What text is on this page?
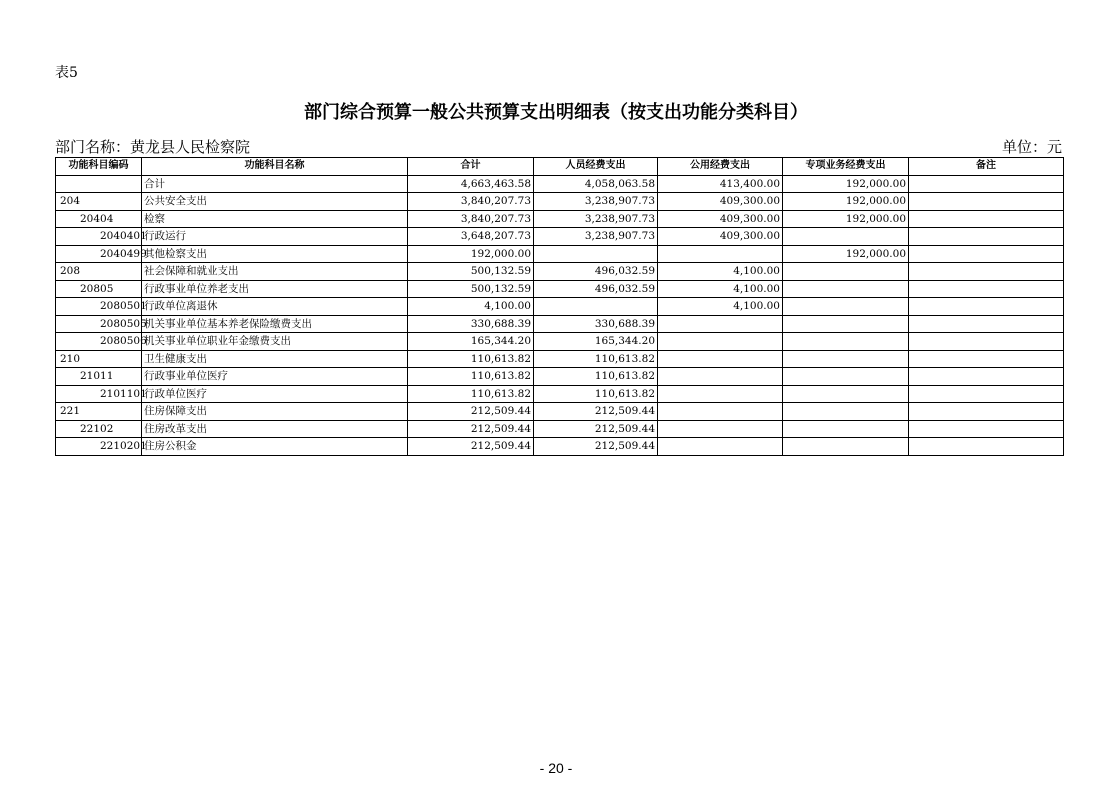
表5
部门综合预算一般公共预算支出明细表（按支出功能分类科目）
部门名称：黄龙县人民检察院	单位：元
功能科目编码	功能科目名称	合计	人员经费支出	公用经费支出	专项业务经费支出	备注
	合计	4,663,463.58	4,058,063.58	413,400.00	192,000.00	
204	公共安全支出	3,840,207.73	3,238,907.73	409,300.00	192,000.00	
20404	检察	3,840,207.73	3,238,907.73	409,300.00	192,000.00	
2040401	行政运行	3,648,207.73	3,238,907.73	409,300.00		
2040499	其他检察支出	192,000.00			192,000.00	
208	社会保障和就业支出	500,132.59	496,032.59	4,100.00		
20805	行政事业单位养老支出	500,132.59	496,032.59	4,100.00		
2080501	行政单位离退休	4,100.00		4,100.00		
2080505	机关事业单位基本养老保险缴费支出	330,688.39	330,688.39			
2080506	机关事业单位职业年金缴费支出	165,344.20	165,344.20			
210	卫生健康支出	110,613.82	110,613.82			
21011	行政事业单位医疗	110,613.82	110,613.82			
2101101	行政单位医疗	110,613.82	110,613.82			
221	住房保障支出	212,509.44	212,509.44			
22102	住房改革支出	212,509.44	212,509.44			
2210201	住房公积金	212,509.44	212,509.44			
- 20 -
